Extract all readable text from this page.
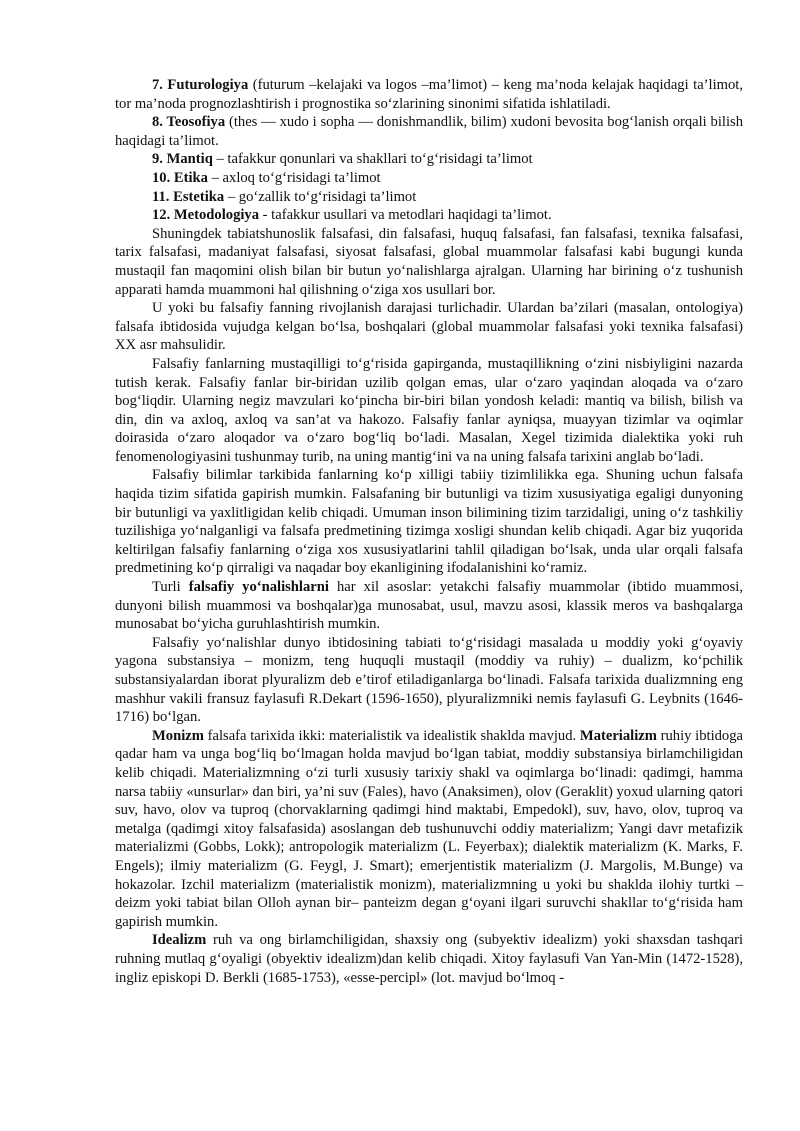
7. Futurologiya (futurum –kelajaki va logos –ma’limot) – keng ma’noda kelajak haqidagi ta’limot, tor ma’noda prognozlashtirish i prognostika so‘zlarining sinonimi sifatida ishlatiladi.

8. Teosofiya (thes — xudo i sopha — donishmandlik, bilim) xudoni bevosita bog‘lanish orqali bilish haqidagi ta’limot.

9. Mantiq – tafakkur qonunlari va shakllari to‘g‘risidagi ta’limot

10. Etika – axloq to‘g‘risidagi ta’limot

11. Estetika – go‘zallik to‘g‘risidagi ta’limot

12. Metodologiya - tafakkur usullari va metodlari haqidagi ta’limot.

Shuningdek tabiatshunoslik falsafasi, din falsafasi, huquq falsafasi, fan falsafasi, texnika falsafasi, tarix falsafasi, madaniyat falsafasi, siyosat falsafasi, global muammolar falsafasi kabi bugungi kunda mustaqil fan maqomini olish bilan bir butun yo‘nalishlarga ajralgan. Ularning har birining o‘z tushunish apparati hamda muammoni hal qilishning o‘ziga xos usullari bor.

U yoki bu falsafiy fanning rivojlanish darajasi turlichadir. Ulardan ba’zilari (masalan, ontologiya) falsafa ibtidosida vujudga kelgan bo‘lsa, boshqalari (global muammolar falsafasi yoki texnika falsafasi) XX asr mahsulidir.

Falsafiy fanlarning mustaqilligi to‘g‘risida gapirganda, mustaqillikning o‘zini nisbiyligini nazarda tutish kerak. Falsafiy fanlar bir-biridan uzilib qolgan emas, ular o‘zaro yaqindan aloqada va o‘zaro bog‘liqdir. Ularning negiz mavzulari ko‘pincha bir-biri bilan yondosh keladi: mantiq va bilish, bilish va din, din va axloq, axloq va san’at va hakozo. Falsafiy fanlar ayniqsa, muayyan tizimlar va oqimlar doirasida o‘zaro aloqador va o‘zaro bog‘liq bo‘ladi. Masalan, Xegel tizimida dialektika yoki ruh fenomenologiyasini tushunmay turib, na uning mantig‘ini va na uning falsafa tarixini anglab bo‘ladi.

Falsafiy bilimlar tarkibida fanlarning ko‘p xilligi tabiiy tizimlilikka ega. Shuning uchun falsafa haqida tizim sifatida gapirish mumkin. Falsafaning bir butunligi va tizim xususiyatiga egaligi dunyoning bir butunligi va yaxlitligidan kelib chiqadi. Umuman inson bilimining tizim tarzidaligi, uning o‘z tashkiliy tuzilishiga yo‘nalganligi va falsafa predmetining tizimga xosligi shundan kelib chiqadi. Agar biz yuqorida keltirilgan falsafiy fanlarning o‘ziga xos xususiyatlarini tahlil qiladigan bo‘lsak, unda ular orqali falsafa predmetining ko‘p qirraligi va naqadar boy ekanligining ifodalanishini ko‘ramiz.

Turli falsafiy yo‘nalishlarni har xil asoslar: yetakchi falsafiy muammolar (ibtido muammosi, dunyoni bilish muammosi va boshqalar)ga munosabat, usul, mavzu asosi, klassik meros va bashqalarga munosabat bo‘yicha guruhlashtirish mumkin.

Falsafiy yo‘nalishlar dunyo ibtidosining tabiati to‘g‘risidagi masalada u moddiy yoki g‘oyaviy yagona substansiya – monizm, teng huquqli mustaqil (moddiy va ruhiy) – dualizm, ko‘pchilik substansiyalardan iborat plyuralizm deb e’tirof etiladiganlarga bo‘linadi. Falsafa tarixida dualizmning eng mashhur vakili fransuz faylasufi R.Dekart (1596-1650), plyuralizmniki nemis faylasufi G. Leybnits (1646-1716) bo‘lgan.

Monizm falsafa tarixida ikki: materialistik va idealistik shaklda mavjud. Materializm ruhiy ibtidoga qadar ham va unga bog‘liq bo‘lmagan holda mavjud bo‘lgan tabiat, moddiy substansiya birlamchiligidan kelib chiqadi. Materializmning o‘zi turli xususiy tarixiy shakl va oqimlarga bo‘linadi: qadimgi, hamma narsa tabiiy «unsurlar» dan biri, ya’ni suv (Fales), havo (Anaksimen), olov (Geraklit) yoxud ularning qatori suv, havo, olov va tuproq (chorvaklarning qadimgi hind maktabi, Empedokl), suv, havo, olov, tuproq va metalga (qadimgi xitoy falsafasida) asoslangan deb tushunuvchi oddiy materializm; Yangi davr metafizik materializmi (Gobbs, Lokk); antropologik materializm (L. Feyerbax); dialektik materializm (K. Marks, F. Engels); ilmiy materializm (G. Feygl, J. Smart); emerjentistik materializm (J. Margolis, M.Bunge) va hokazolar. Izchil materializm (materialistik monizm), materializmning u yoki bu shaklda ilohiy turtki – deizm yoki tabiat bilan Olloh aynan bir– panteizm degan g‘oyani ilgari suruvchi shakllar to‘g‘risida ham gapirish mumkin.

Idealizm ruh va ong birlamchiligidan, shaxsiy ong (subyektiv idealizm) yoki shaxsdan tashqari ruhning mutlaq g‘oyaligi (obyektiv idealizm)dan kelib chiqadi. Xitoy faylasufi Van Yan-Min (1472-1528), ingliz episkopi D. Berkli (1685-1753), «esse-percipl» (lot. mavjud bo‘lmoq -
